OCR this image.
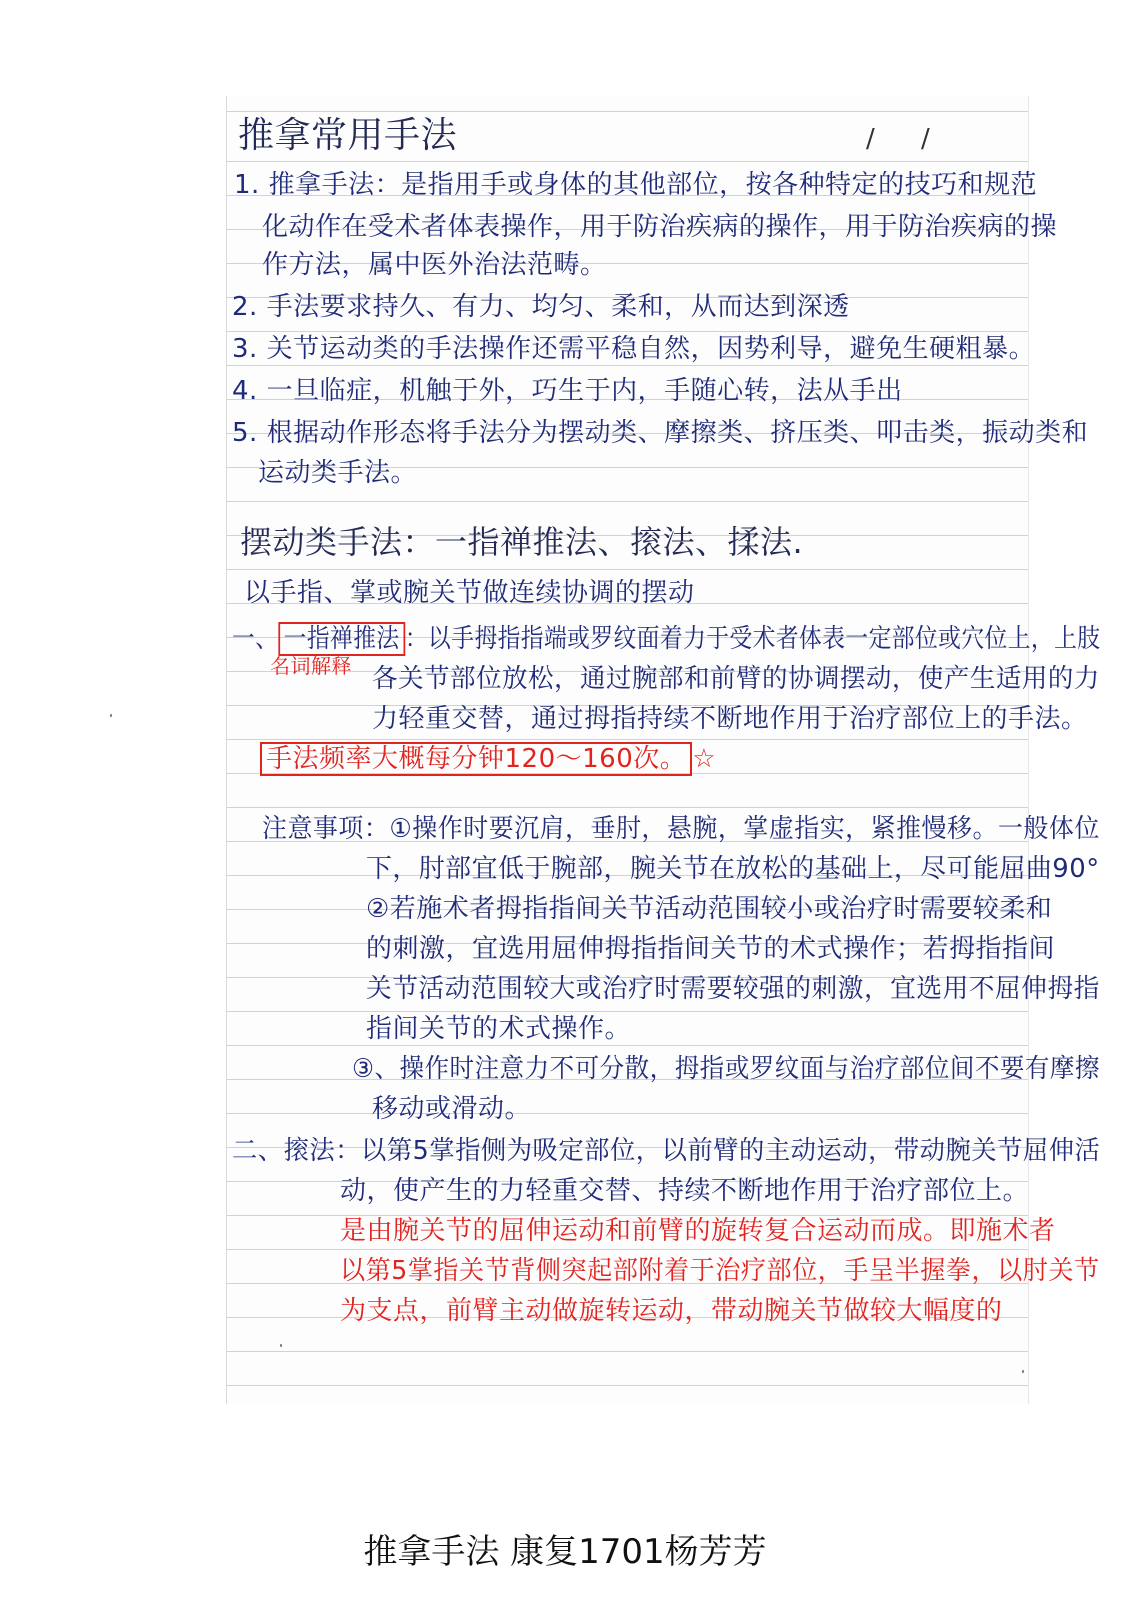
/ /
推拿常用手法
1. 推拿手法：是指用手或身体的其他部位，按各种特定的技巧和规范
化动作在受术者体表操作，用于防治疾病的操作，用于防治疾病的操
作方法，属中医外治法范畴。
2. 手法要求持久、有力、均匀、柔和，从而达到深透
3. 关节运动类的手法操作还需平稳自然，因势利导，避免生硬粗暴。
4. 一旦临症，机触于外，巧生于内，手随心转，法从手出
5. 根据动作形态将手法分为摆动类、摩擦类、挤压类、叩击类，振动类和
运动类手法。
摆动类手法：一指禅推法、㨰法、揉法.
以手指、掌或腕关节做连续协调的摆动
一、 一指禅推法 ：以手拇指指端或罗纹面着力于受术者体表一定部位或穴位上，上肢
名词解释 各关节部位放松，通过腕部和前臂的协调摆动，使产生适用的力
力轻重交替，通过拇指持续不断地作用于治疗部位上的手法。
手法频率大概每分钟120～160次。 ☆
注意事项：①操作时要沉肩，垂肘，悬腕，掌虚指实，紧推慢移。一般体位
下，肘部宜低于腕部，腕关节在放松的基础上，尽可能屈曲90°
②若施术者拇指指间关节活动范围较小或治疗时需要较柔和
的刺激，宜选用屈伸拇指指间关节的术式操作；若拇指指间
关节活动范围较大或治疗时需要较强的刺激，宜选用不屈伸拇指
指间关节的术式操作。
③、操作时注意力不可分散，拇指或罗纹面与治疗部位间不要有摩擦
移动或滑动。
二、㨰法：以第5掌指侧为吸定部位，以前臂的主动运动，带动腕关节屈伸活
动，使产生的力轻重交替、持续不断地作用于治疗部位上。
是由腕关节的屈伸运动和前臂的旋转复合运动而成。即施术者
以第5掌指关节背侧突起部附着于治疗部位，手呈半握拳，以肘关节
为支点，前臂主动做旋转运动，带动腕关节做较大幅度的
推拿手法 康复1701杨芳芳
